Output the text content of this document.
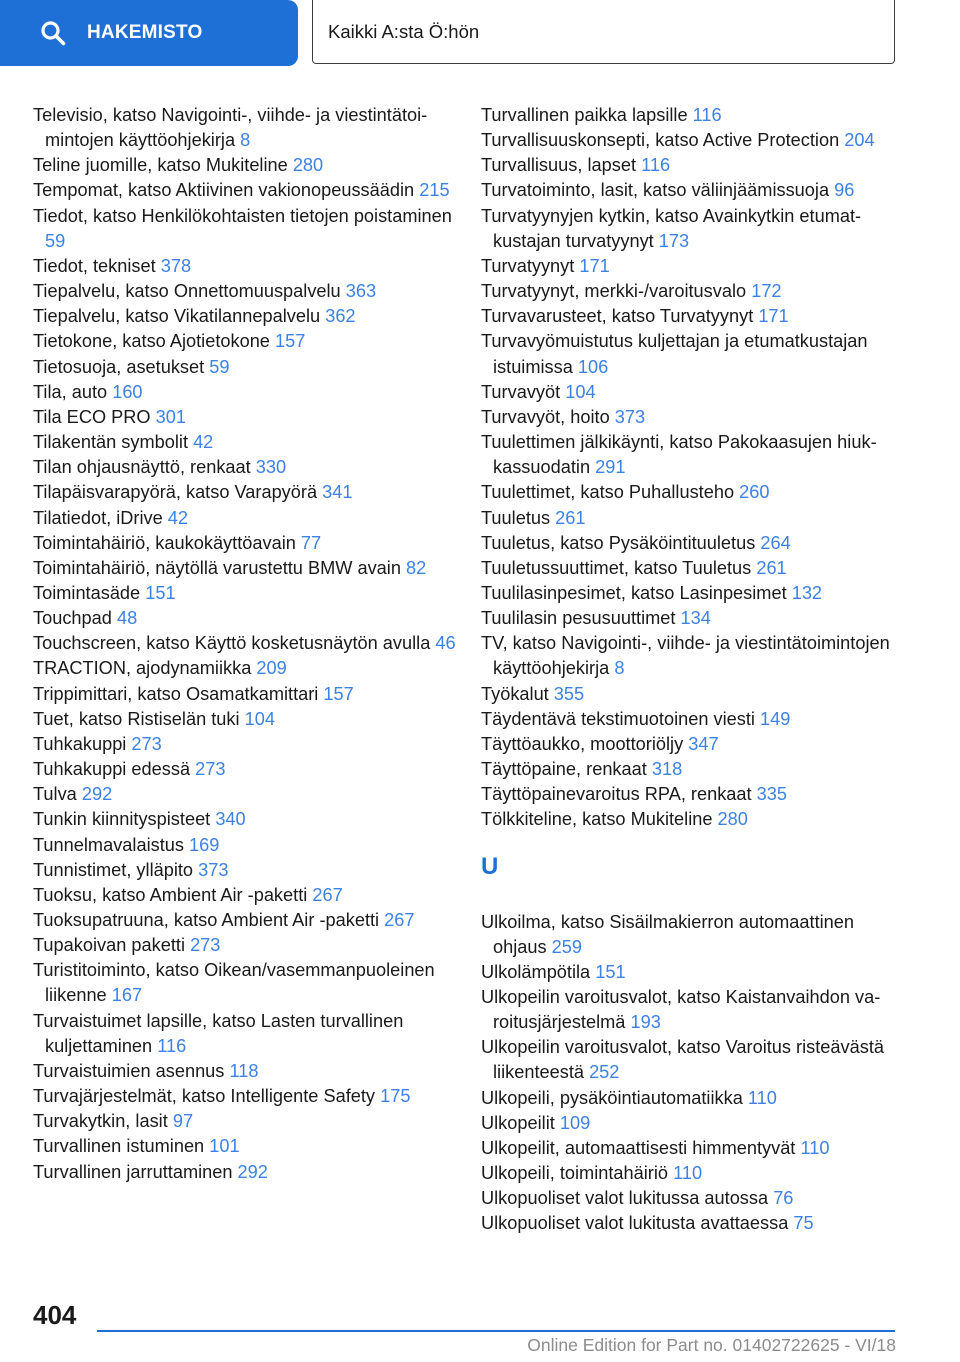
HAKEMISTO	Kaikki A:sta Ö:hön

Televisio, katso Navigointi-, viihde- ja viestintätoimintojen käyttöohjekirja 8

Teline juomille, katso Mukiteline 280

Tempomat, katso Aktiivinen vakionopeussäädin 215

Tiedot, katso Henkilökohtaisten tietojen poistaminen 59

Tiedot, tekniset 378

Tiepalvelu, katso Onnettomuuspalvelu 363

Tiepalvelu, katso Vikatilannepalvelu 362

Tietokone, katso Ajotietokone 157

Tietosuoja, asetukset 59

Tila, auto 160

Tila ECO PRO 301

Tilakentän symbolit 42

Tilan ohjausnäyttö, renkaat 330

Tilapäisvarapyörä, katso Varapyörä 341

Tilatiedot, iDrive 42

Toimintahäiriö, kaukokäyttöavain 77

Toimintahäiriö, näytöllä varustettu BMW avain 82

Toimintasäde 151

Touchpad 48

Touchscreen, katso Käyttö kosketusnäytön avulla 46

TRACTION, ajodynamiikka 209

Trippimittari, katso Osamatkamittari 157

Tuet, katso Ristiselän tuki 104

Tuhkakuppi 273

Tuhkakuppi edessä 273

Tulva 292

Tunkin kiinnityspisteet 340

Tunnelmavalaistus 169

Tunnistimet, ylläpito 373

Tuoksu, katso Ambient Air -paketti 267

Tuoksupatruuna, katso Ambient Air -paketti 267

Tupakoivan paketti 273

Turistitoiminto, katso Oikean/vasemmanpuoleinen liikenne 167

Turvaistuimet lapsille, katso Lasten turvallinen kuljettaminen 116

Turvaistuimien asennus 118

Turvajärjestelmät, katso Intelligente Safety 175

Turvakytkin, lasit 97

Turvallinen istuminen 101

Turvallinen jarruttaminen 292

Turvallinen paikka lapsille 116

Turvallisuuskonsepti, katso Active Protection 204

Turvallisuus, lapset 116

Turvatoiminto, lasit, katso väliinjäämissuoja 96

Turvatyynyjen kytkin, katso Avainkytkin etumatkustajan turvatyynyt 173

Turvatyynyt 171

Turvatyynyt, merkki-/varoitusvalo 172

Turvavarusteet, katso Turvatyynyt 171

Turvavyömuistutus kuljettajan ja etumatkustajan istuimissa 106

Turvavyöt 104

Turvavyöt, hoito 373

Tuulettimen jälkikäynti, katso Pakokaasujen hiukkassuodatin 291

Tuulettimet, katso Puhallusteho 260

Tuuletus 261

Tuuletus, katso Pysäköintituuletus 264

Tuuletussuuttimet, katso Tuuletus 261

Tuulilasinpesimet, katso Lasinpesimet 132

Tuulilasin pesusuuttimet 134

TV, katso Navigointi-, viihde- ja viestintätoimintojen käyttöohjekirja 8

Työkalut 355

Täydentävä tekstimuotoinen viesti 149

Täyttöaukko, moottoriöljy 347

Täyttöpaine, renkaat 318

Täyttöpainevaroitus RPA, renkaat 335

Tölkkiteline, katso Mukiteline 280

U

Ulkoilma, katso Sisäilmakierron automaattinen ohjaus 259

Ulkolämpötila 151

Ulkopeilin varoitusvalot, katso Kaistanvaihdon varoitusjärjestelmä 193

Ulkopeilin varoitusvalot, katso Varoitus risteävästä liikenteestä 252

Ulkopeili, pysäköintiautomatiikka 110

Ulkopeilit 109

Ulkopeilit, automaattisesti himmentyvät 110

Ulkopeili, toimintahäiriö 110

Ulkopuoliset valot lukitussa autossa 76

Ulkopuoliset valot lukitusta avattaessa 75

404
Online Edition for Part no. 01402722625 - VI/18
